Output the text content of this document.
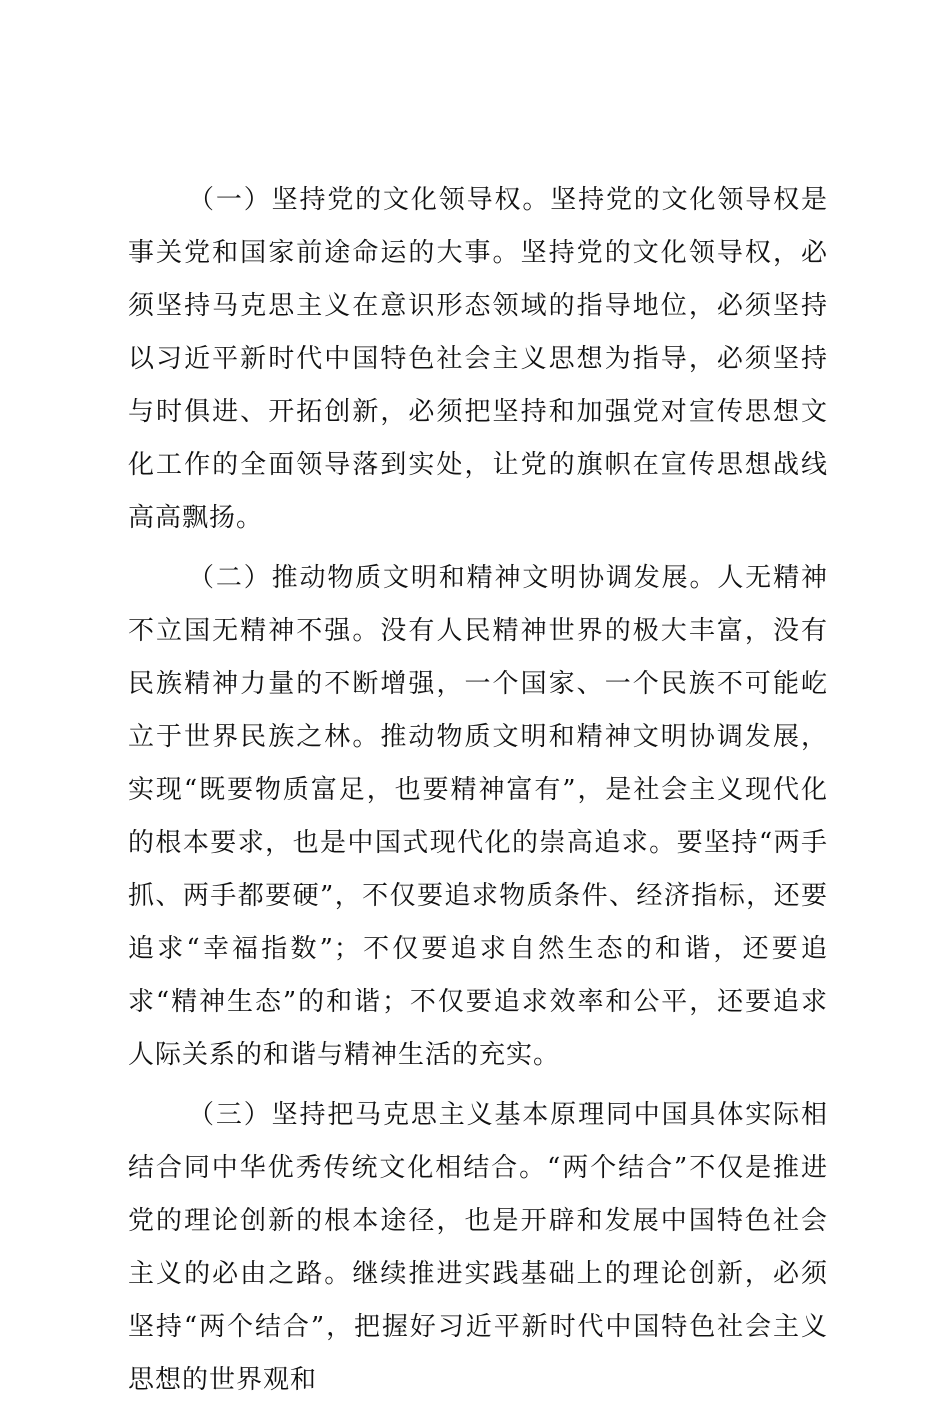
（一）坚持党的文化领导权。坚持党的文化领导权是事关党和国家前途命运的大事。坚持党的文化领导权，必须坚持马克思主义在意识形态领域的指导地位，必须坚持以习近平新时代中国特色社会主义思想为指导，必须坚持与时俱进、开拓创新，必须把坚持和加强党对宣传思想文化工作的全面领导落到实处，让党的旗帜在宣传思想战线高高飘扬。

（二）推动物质文明和精神文明协调发展。人无精神不立国无精神不强。没有人民精神世界的极大丰富，没有民族精神力量的不断增强，一个国家、一个民族不可能屹立于世界民族之林。推动物质文明和精神文明协调发展，实现“既要物质富足，也要精神富有”，是社会主义现代化的根本要求，也是中国式现代化的崇高追求。要坚持“两手抓、两手都要硬”，不仅要追求物质条件、经济指标，还要追求“幸福指数”；不仅要追求自然生态的和谐，还要追求“精神生态”的和谐；不仅要追求效率和公平，还要追求人际关系的和谐与精神生活的充实。

（三）坚持把马克思主义基本原理同中国具体实际相结合同中华优秀传统文化相结合。“两个结合”不仅是推进党的理论创新的根本途径，也是开辟和发展中国特色社会主义的必由之路。继续推进实践基础上的理论创新，必须坚持“两个结合”，把握好习近平新时代中国特色社会主义思想的世界观和
